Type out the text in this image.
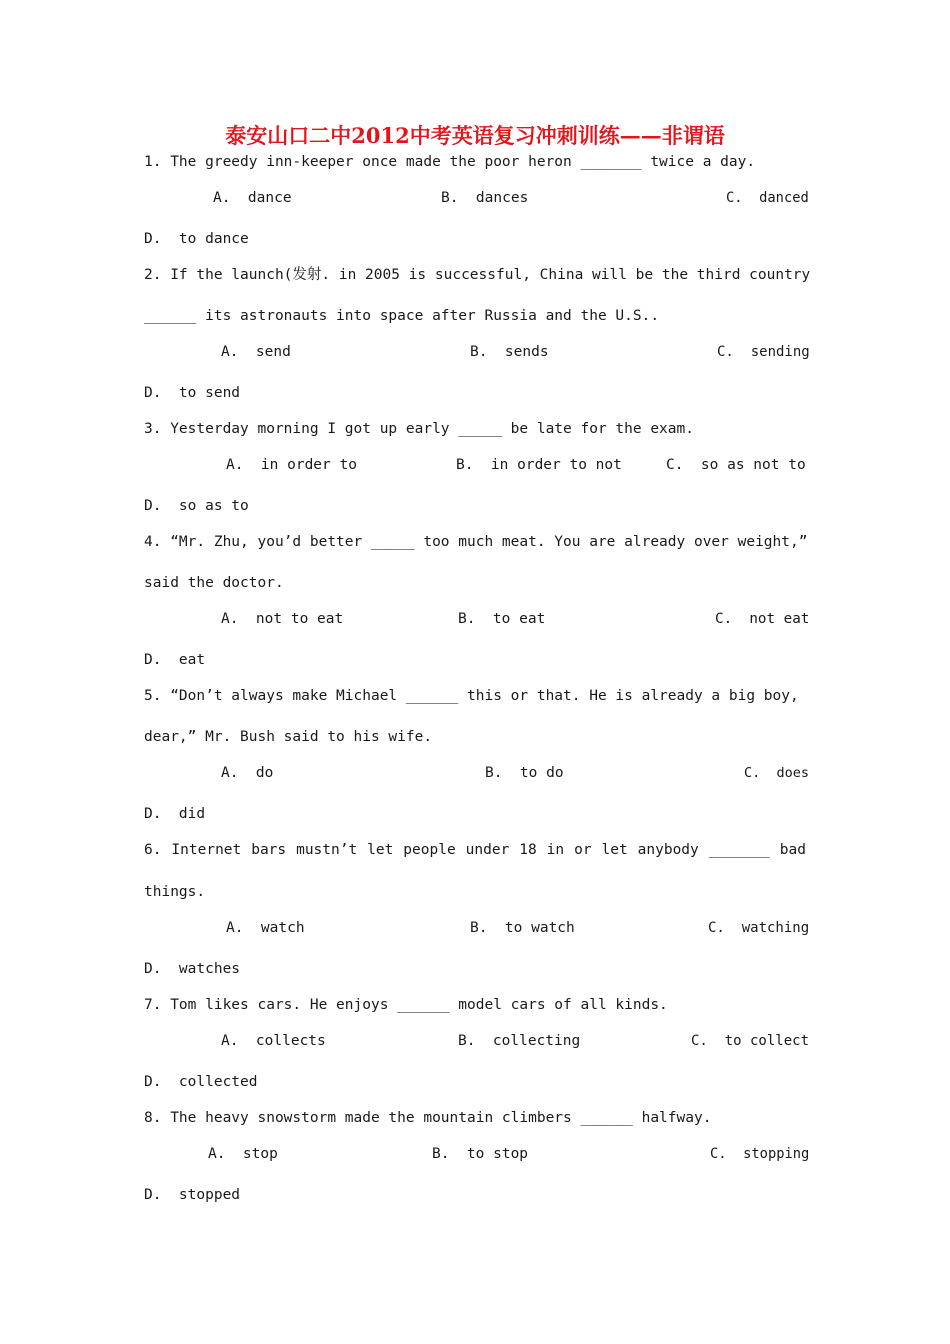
泰安山口二中2012中考英语复习冲刺训练——非谓语
1. The greedy inn-keeper once made the poor heron _______ twice a day.
A.  dance	B.  dances	C.  danced
D.  to dance
2. If the launch(发射. in 2005 is successful, China will be the third country
______ its astronauts into space after Russia and the U.S..
A.  send	B.  sends	C.  sending
D.  to send
3. Yesterday morning I got up early _____ be late for the exam.
A.  in order to	B.  in order to not	C.  so as not to
D.  so as to
4. “Mr. Zhu, you’d better _____ too much meat. You are already over weight,”
said the doctor.
A.  not to eat	B.  to eat	C.  not eat
D.  eat
5. “Don’t always make Michael ______ this or that. He is already a big boy,
dear,” Mr. Bush said to his wife.
A.  do	B.  to do	C.  does
D.  did
6. Internet bars mustn’t let people under 18 in or let anybody _______ bad
things.
A.  watch	B.  to watch	C.  watching
D.  watches
7. Tom likes cars. He enjoys ______ model cars of all kinds.
A.  collects	B.  collecting	C.  to collect
D.  collected
8. The heavy snowstorm made the mountain climbers ______ halfway.
A.  stop	B.  to stop	C.  stopping
D.  stopped
